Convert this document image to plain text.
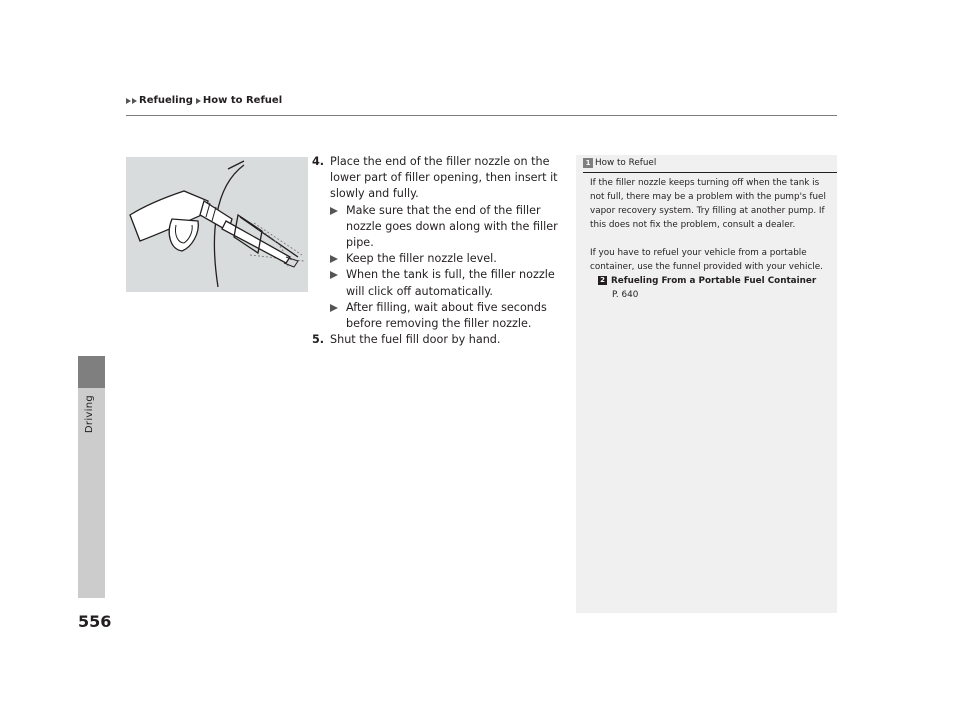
Refueling How to Refuel
Driving
556
4. Place the end of the filler nozzle on the lower part of filler opening, then insert it slowly and fully.
Make sure that the end of the filler nozzle goes down along with the filler pipe.
Keep the filler nozzle level.
When the tank is full, the filler nozzle will click off automatically.
After filling, wait about five seconds before removing the filler nozzle.
5. Shut the fuel fill door by hand.
1 How to Refuel

If the filler nozzle keeps turning off when the tank is not full, there may be a problem with the pump's fuel vapor recovery system. Try filling at another pump. If this does not fix the problem, consult a dealer.

If you have to refuel your vehicle from a portable container, use the funnel provided with your vehicle.

2 Refueling From a Portable Fuel Container
P. 640
